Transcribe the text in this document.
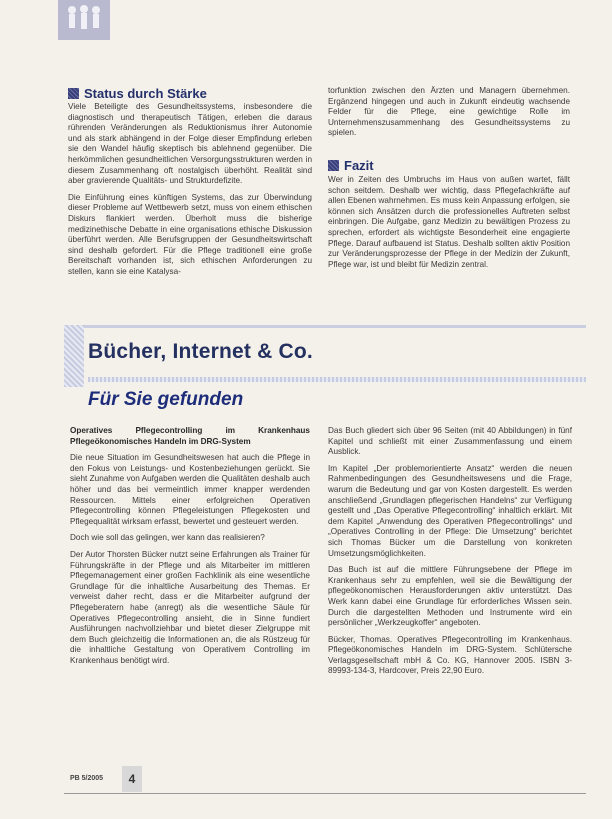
Status durch Stärke

Viele Beteiligte des Gesundheitssystems, insbesondere die diagnostisch und therapeutisch Tätigen, erleben die daraus rührenden Veränderungen als Reduktionismus ihrer Autonomie und als stark abhängend in der Folge dieser Empfindung erleben sie den Wandel häufig skeptisch bis ablehnend gegenüber. Die herkömmlichen gesundheitlichen Versorgungsstrukturen werden in diesem Zusammenhang oft nostalgisch überhöht. Realität sind aber gravierende Qualitäts- und Strukturdefizite.

Die Einführung eines künftigen Systems, das zur Überwindung dieser Probleme auf Wettbewerb setzt, muss von einem ethischen Diskurs flankiert werden. Überholt muss die bisherige medizinethische Debatte in eine organisations ethische Diskussion überführt werden. Alle Berufsgruppen der Gesundheitswirtschaft sind deshalb gefordert. Für die Pflege traditionell eine große Bereitschaft vorhanden ist, sich ethischen Anforderungen zu stellen, kann sie eine Katalysa-

torfunktion zwischen den Ärzten und Managern übernehmen. Ergänzend hingegen und auch in Zukunft eindeutig wachsende Felder für die Pflege, eine gewichtige Rolle im Unternehmenszusammenhang des Gesundheitssystems zu spielen.

Fazit

Wer in Zeiten des Umbruchs im Haus von außen wartet, fällt schon seitdem. Deshalb wer wichtig, dass Pflegefachkräfte auf allen Ebenen wahrnehmen. Es muss kein Anpassung erfolgen, sie können sich Ansätzen durch die professionelles Auftreten selbst einbringen. Die Aufgabe, ganz Medizin zu bewältigen Prozess zu sprechen, erfordert als wichtigste Besonderheit eine engagierte Pflege. Darauf aufbauend ist Status. Deshalb sollten aktiv Position zur Veränderungsprozesse der Pflege in der Medizin der Zukunft, Pflege war, ist und bleibt für Medizin zentral.

Bücher, Internet & Co.
Für Sie gefunden

Operatives Pflegecontrolling im Krankenhaus Pflegeökonomisches Handeln im DRG-System

Die neue Situation im Gesundheitswesen hat auch die Pflege in den Fokus von Leistungs- und Kostenbeziehungen gerückt. Sie sieht Zunahme von Aufgaben werden die Qualitäten deshalb auch höher und das bei vermeintlich immer knapper werdenden Ressourcen. Mittels einer erfolgreichen Operativen Pflegecontrolling können Pflegeleistungen Pflegekosten und Pflegequalität wirksam erfasst, bewertet und gesteuert werden.

Doch wie soll das gelingen, wer kann das realisieren?

Der Autor Thorsten Bücker nutzt seine Erfahrungen als Trainer für Führungskräfte in der Pflege und als Mitarbeiter im mittleren Pflegemanagement einer großen Fachklinik als eine wesentliche Grundlage für die inhaltliche Ausarbeitung des Themas. Er verweist daher recht, dass er die Mitarbeiter aufgrund der Pflegeberatern habe (anregt) als die wesentliche Säule für Operatives Pflegecontrolling ansieht, die in Sinne fundiert Ausführungen nachvollziehbar und bietet dieser Zielgruppe mit dem Buch gleichzeitig die Informationen an, die als Rüstzeug für die inhaltliche Gestaltung von Operativem Controlling im Krankenhaus benötigt wird.

Das Buch gliedert sich über 96 Seiten (mit 40 Abbildungen) in fünf Kapitel und schließt mit einer Zusammenfassung und einem Ausblick.

Im Kapitel „Der problemorientierte Ansatz“ werden die neuen Rahmenbedingungen des Gesundheitswesens und die Frage, warum die Bedeutung und gar von Kosten dargestellt. Es werden anschließend „Grundlagen pflegerischen Handelns“ zur Verfügung gestellt und „Das Operative Pflegecontrolling“ inhaltlich erklärt. Mit dem Kapitel „Anwendung des Operativen Pflegecontrollings“ und „Operatives Controlling in der Pflege: Die Umsetzung“ berichtet sich Thomas Bücker um die Darstellung von konkreten Umsetzungsmöglichkeiten.

Das Buch ist auf die mittlere Führungsebene der Pflege im Krankenhaus sehr zu empfehlen, weil sie die Bewältigung der pflegeökonomischen Herausforderungen aktiv unterstützt. Das Werk kann dabei eine Grundlage für erforderliches Wissen sein. Durch die dargestellten Methoden und Instrumente wird ein persönlicher „Werkzeugkoffer“ angeboten.

Bücker, Thomas. Operatives Pflegecontrolling im Krankenhaus. Pflegeökonomisches Handeln im DRG-System. Schlütersche Verlagsgesellschaft mbH & Co. KG, Hannover 2005. ISBN 3-89993-134-3, Hardcover, Preis 22,90 Euro.

PB 5/2005	4
